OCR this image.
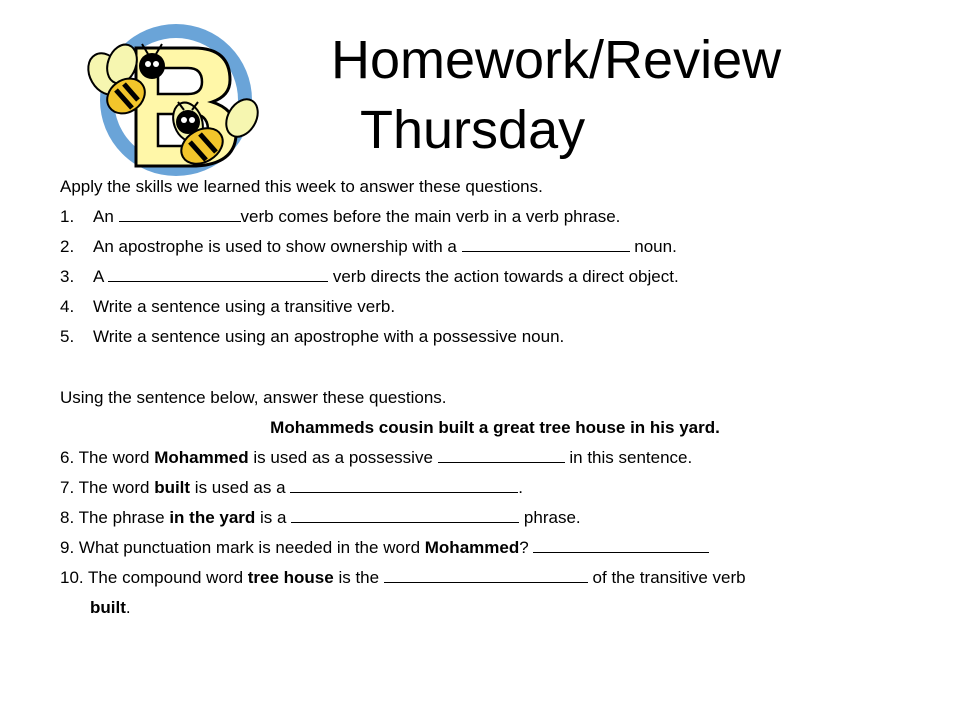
Homework/Review
Thursday
Apply the skills we learned this week to answer these questions.
1. An	verb comes before the main verb in a verb phrase.
2. An apostrophe is used to show ownership with a	noun.
3. A	verb directs the action towards a direct object.
4. Write a sentence using a transitive verb.
5. Write a sentence using an apostrophe with a possessive noun.
Using the sentence below, answer these questions.
Mohammeds cousin built a great tree house in his yard.
6. The word Mohammed is used as a possessive	in this sentence.
7. The word built is used as a	.
8. The phrase in the yard is a	phrase.
9. What punctuation mark is needed in the word Mohammed?
10. The compound word tree house is the	of the transitive verb
built.
